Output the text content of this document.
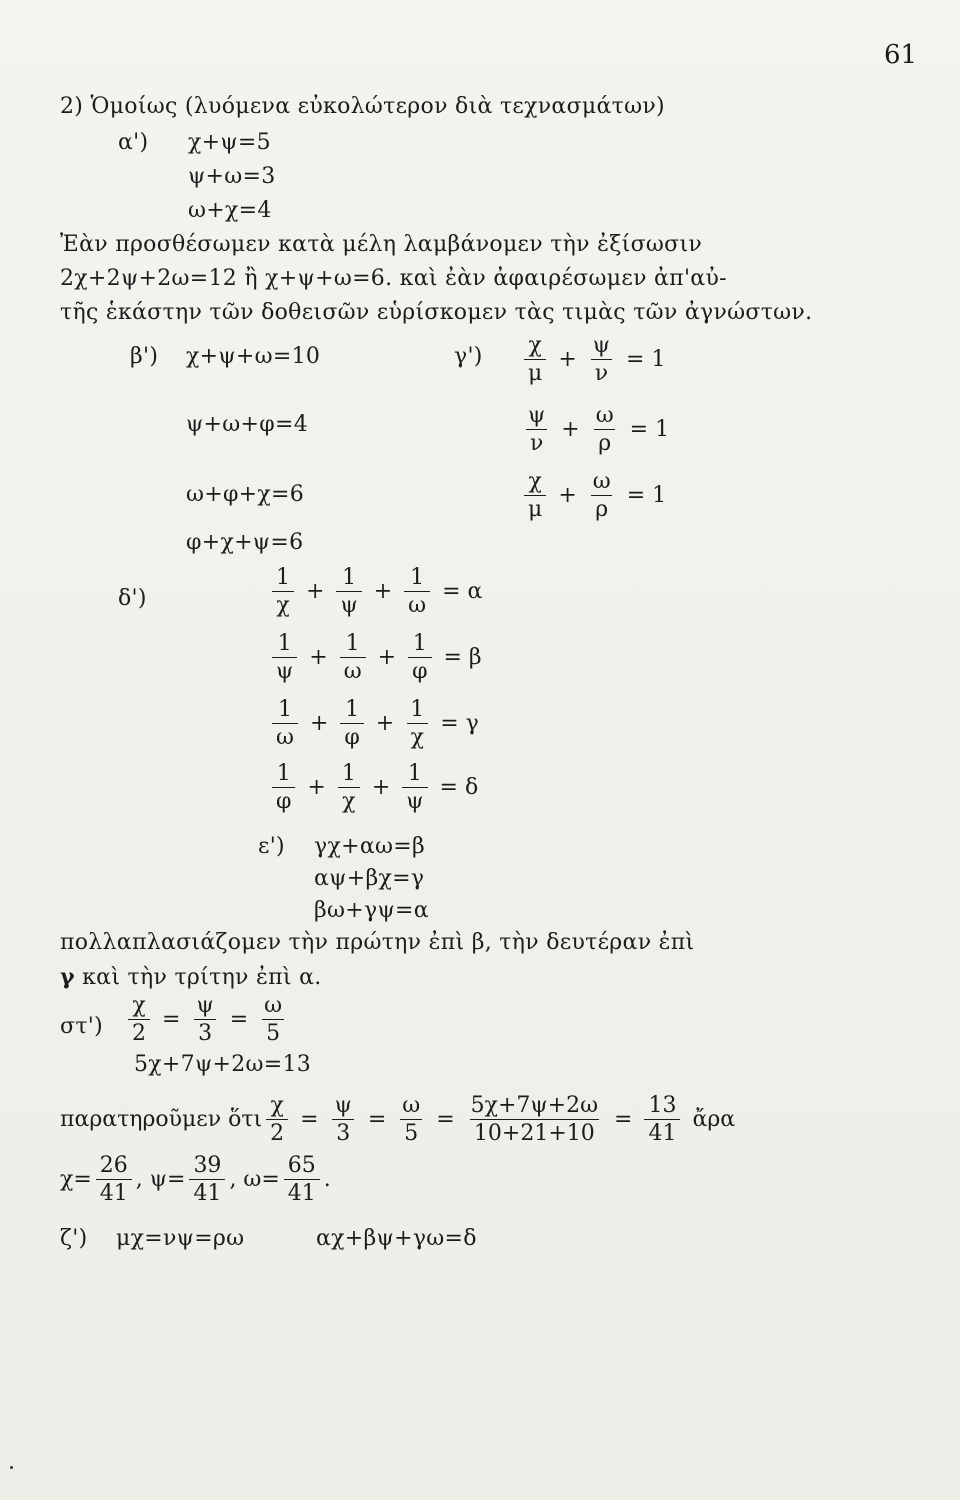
61
2) Ὁμοίως (λυόμενα εὐκολώτερον διὰ τεχνασμάτων)
α') χ+ψ=5
ψ+ω=3
ω+χ=4
Ἐὰν προσθέσωμεν κατὰ μέλη λαμβάνομεν τὴν ἐξίσωσιν
2χ+2ψ+2ω=12 ἢ χ+ψ+ω=6. καὶ ἐὰν ἀφαιρέσωμεν ἀπ'αὐ-
τῆς ἑκάστην τῶν δοθεισῶν εὑρίσκομεν τὰς τιμὰς τῶν ἀγνώστων.
β') χ+ψ+ω=10
ψ+ω+φ=4
ω+φ+χ=6
φ+χ+ψ=6
$\gamma') \frac{\chi}{\mu} + \frac{\psi}{\nu} = 1$
$\frac{\psi}{\nu} + \frac{\omega}{\rho} = 1$
$\frac{\chi}{\mu} + \frac{\omega}{\rho} = 1$
δ')	$\frac{1}{\chi} + \frac{1}{\psi} + \frac{1}{\omega} = \alpha$
$\frac{1}{\psi} + \frac{1}{\omega} + \frac{1}{\varphi} = \beta$
$\frac{1}{\omega} + \frac{1}{\varphi} + \frac{1}{\chi} = \gamma$
$\frac{1}{\varphi} + \frac{1}{\chi} + \frac{1}{\psi} = \delta$
ε') γχ+αω=β
αψ+βχ=γ
βω+γψ=α
πολλαπλασιάζομεν τὴν πρώτην ἐπὶ β, τὴν δευτέραν ἐπὶ
γ καὶ τὴν τρίτην ἐπὶ α.
$\sigma\tau') \frac{\chi}{2} = \frac{\psi}{3} = \frac{\omega}{5}$
5χ+7ψ+2ω=13
παρατηροῦμεν ὅτι $\frac{\chi}{2} = \frac{\psi}{3} = \frac{\omega}{5} = \frac{5\chi+7\psi+2\omega}{10+21+10} = \frac{13}{41}$ ἄρα
$\chi= \frac{26}{41}$ , $\psi= \frac{39}{41}$ , $\omega= \frac{65}{41}$ .
ζ') μχ=νψ=ρω	αχ+βψ+γω=δ
